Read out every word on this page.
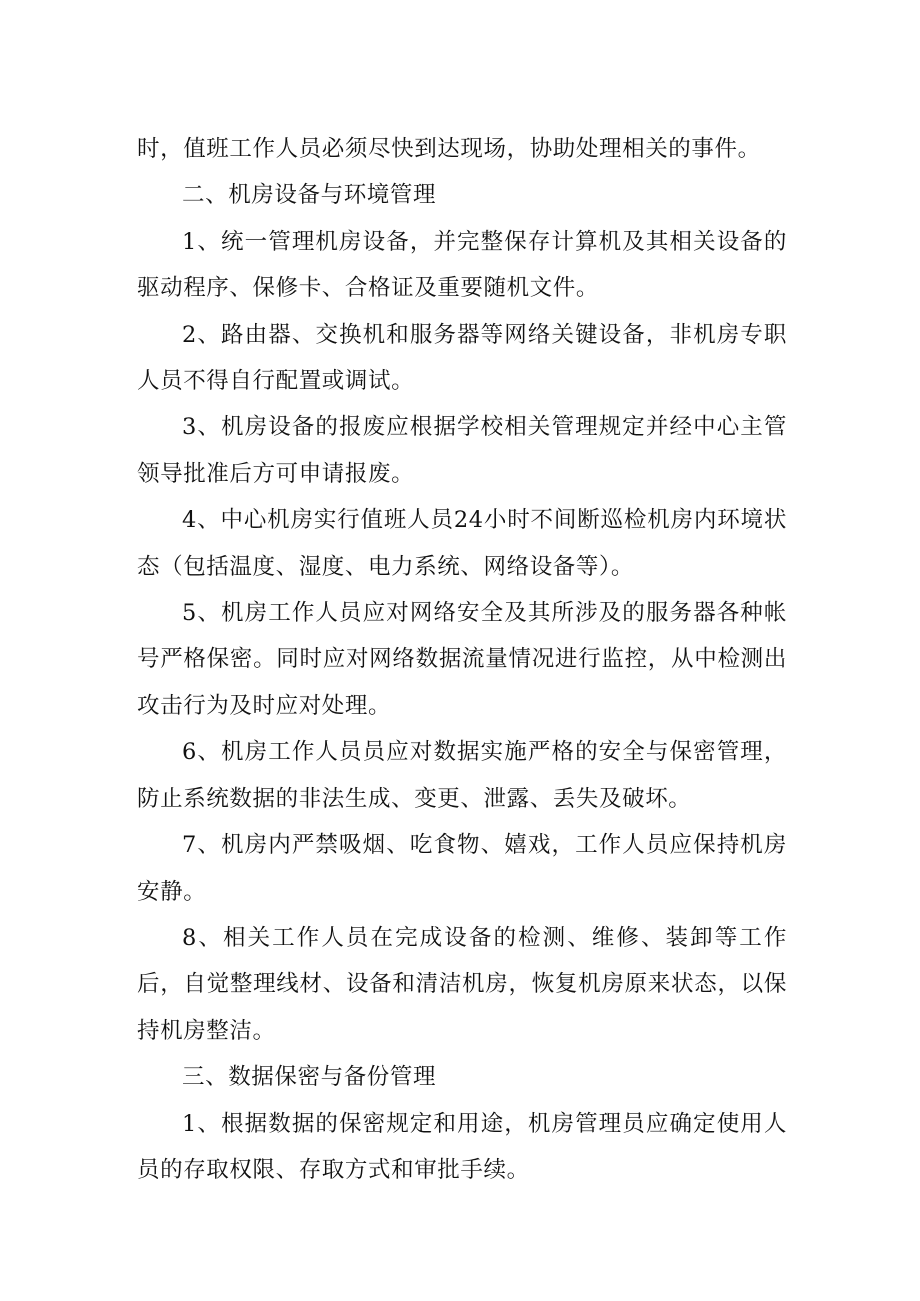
时，值班工作人员必须尽快到达现场，协助处理相关的事件。

二、机房设备与环境管理

1、统一管理机房设备，并完整保存计算机及其相关设备的驱动程序、保修卡、合格证及重要随机文件。

2、路由器、交换机和服务器等网络关键设备，非机房专职人员不得自行配置或调试。

3、机房设备的报废应根据学校相关管理规定并经中心主管领导批准后方可申请报废。

4、中心机房实行值班人员24小时不间断巡检机房内环境状态（包括温度、湿度、电力系统、网络设备等）。

5、机房工作人员应对网络安全及其所涉及的服务器各种帐号严格保密。同时应对网络数据流量情况进行监控，从中检测出攻击行为及时应对处理。

6、机房工作人员员应对数据实施严格的安全与保密管理，防止系统数据的非法生成、变更、泄露、丢失及破坏。

7、机房内严禁吸烟、吃食物、嬉戏，工作人员应保持机房安静。

8、相关工作人员在完成设备的检测、维修、装卸等工作后，自觉整理线材、设备和清洁机房，恢复机房原来状态，以保持机房整洁。

三、数据保密与备份管理

1、根据数据的保密规定和用途，机房管理员应确定使用人员的存取权限、存取方式和审批手续。
